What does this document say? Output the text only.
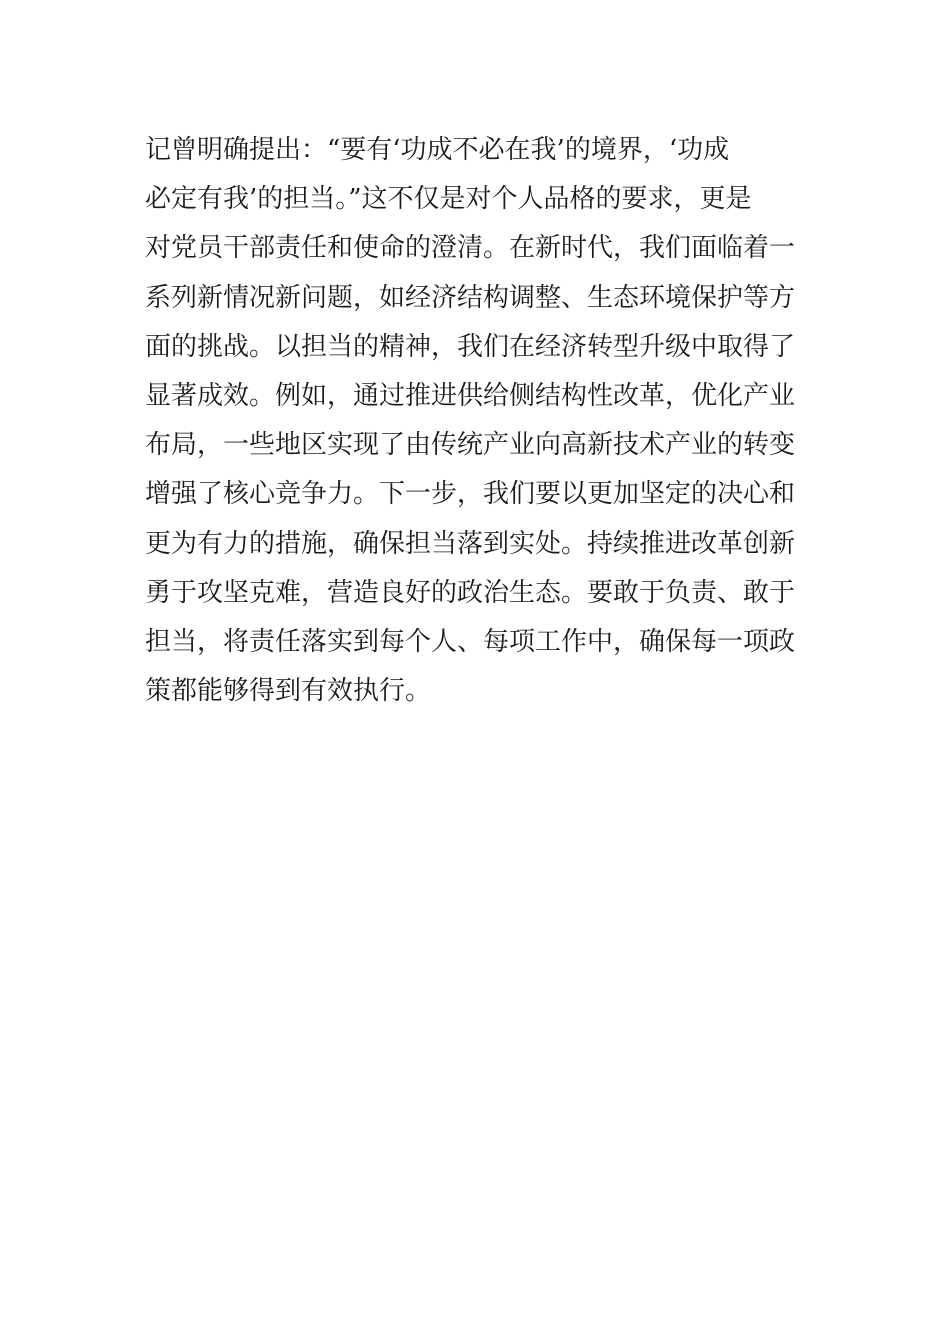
记曾明确提出：“要有‘功成不必在我’的境界，‘功成
必定有我’的担当。”这不仅是对个人品格的要求，更是
对党员干部责任和使命的澄清。在新时代，我们面临着一
系列新情况新问题，如经济结构调整、生态环境保护等方
面的挑战。以担当的精神，我们在经济转型升级中取得了
显著成效。例如，通过推进供给侧结构性改革，优化产业
布局，一些地区实现了由传统产业向高新技术产业的转变
增强了核心竞争力。下一步，我们要以更加坚定的决心和
更为有力的措施，确保担当落到实处。持续推进改革创新
勇于攻坚克难，营造良好的政治生态。要敢于负责、敢于
担当，将责任落实到每个人、每项工作中，确保每一项政
策都能够得到有效执行。
